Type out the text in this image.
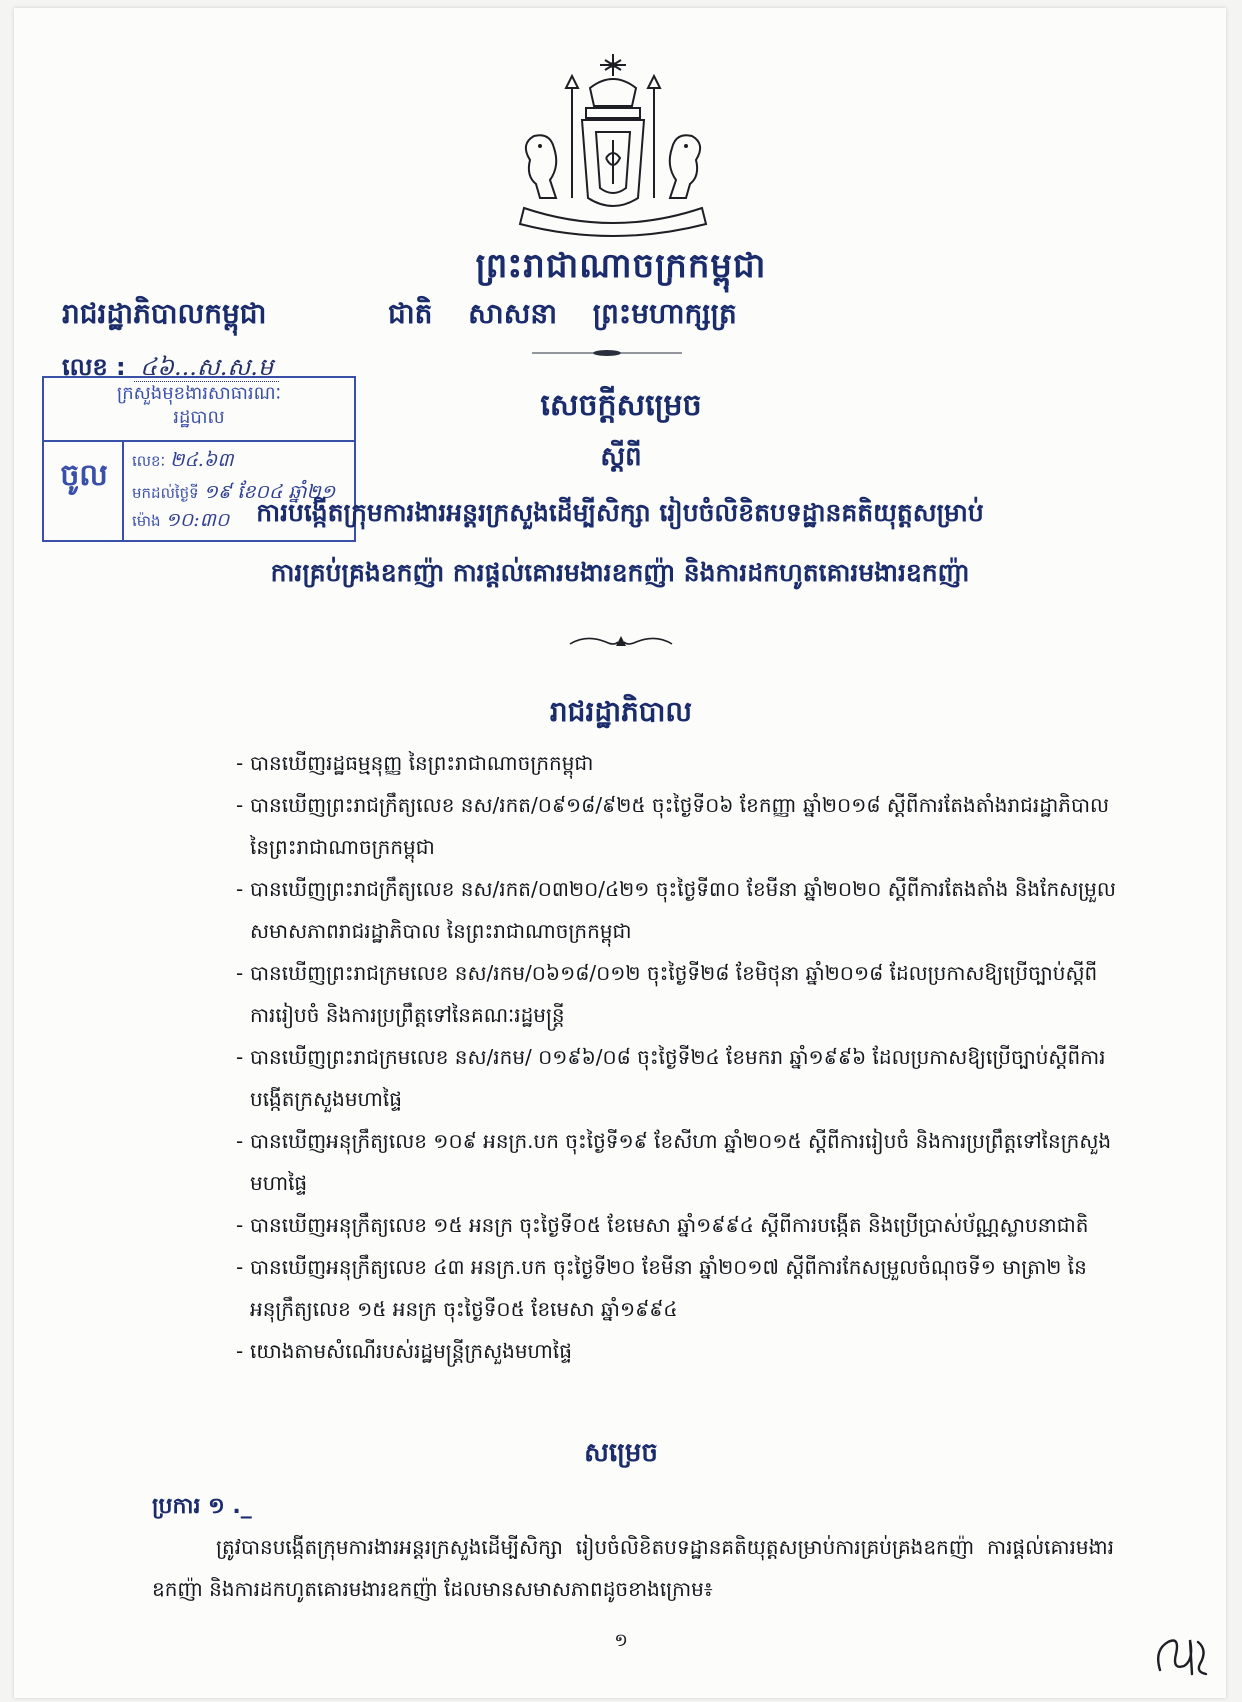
ព្រះរាជាណាចក្រកម្ពុជា
រាជរដ្ឋាភិបាលកម្ពុជា	ជាតិ សាសនា ព្រះមហាក្សត្រ
លេខ : ៤៦...ស.ស.ម
ក្រសួងមុខងារសាធារណៈ
រដ្ឋបាល
ចូល	លេខៈ ២៤.៦៣
មកដល់ថ្ងៃទី ១៩ ខែ០៤ ឆ្នាំ២១
ម៉ោង ១០:៣០
សេចក្តីសម្រេច
ស្តីពី
ការបង្កើតក្រុមការងារអន្តរក្រសួងដើម្បីសិក្សា រៀបចំលិខិតបទដ្ឋានគតិយុត្តសម្រាប់
ការគ្រប់គ្រងឧកញ៉ា ការផ្តល់គោរមងារឧកញ៉ា និងការដកហូតគោរមងារឧកញ៉ា
រាជរដ្ឋាភិបាល
- បានឃើញរដ្ឋធម្មនុញ្ញ នៃព្រះរាជាណាចក្រកម្ពុជា
- បានឃើញព្រះរាជក្រឹត្យលេខ នស/រកត/០៩១៨/៩២៥ ចុះថ្ងៃទី០៦ ខែកញ្ញា ឆ្នាំ២០១៨ ស្តីពីការតែងតាំងរាជរដ្ឋាភិបាល នៃព្រះរាជាណាចក្រកម្ពុជា
- បានឃើញព្រះរាជក្រឹត្យលេខ នស/រកត/០៣២០/៤២១ ចុះថ្ងៃទី៣០ ខែមីនា ឆ្នាំ២០២០ ស្តីពីការតែងតាំង និងកែសម្រួលសមាសភាពរាជរដ្ឋាភិបាល នៃព្រះរាជាណាចក្រកម្ពុជា
- បានឃើញព្រះរាជក្រមលេខ នស/រកម/០៦១៨/០១២ ចុះថ្ងៃទី២៨ ខែមិថុនា ឆ្នាំ២០១៨ ដែលប្រកាសឱ្យប្រើច្បាប់ស្តីពីការរៀបចំ និងការប្រព្រឹត្តទៅនៃគណៈរដ្ឋមន្ត្រី
- បានឃើញព្រះរាជក្រមលេខ នស/រកម/ ០១៩៦/០៨ ចុះថ្ងៃទី២៤ ខែមករា ឆ្នាំ១៩៩៦ ដែលប្រកាសឱ្យប្រើច្បាប់ស្តីពីការបង្កើតក្រសួងមហាផ្ទៃ
- បានឃើញអនុក្រឹត្យលេខ ១០៩ អនក្រ.បក ចុះថ្ងៃទី១៩ ខែសីហា ឆ្នាំ២០១៥ ស្តីពីការរៀបចំ និងការប្រព្រឹត្តទៅនៃក្រសួងមហាផ្ទៃ
- បានឃើញអនុក្រឹត្យលេខ ១៥ អនក្រ ចុះថ្ងៃទី០៥ ខែមេសា ឆ្នាំ១៩៩៤ ស្តីពីការបង្កើត និងប្រើប្រាស់ប័ណ្ណស្លាបនាជាតិ
- បានឃើញអនុក្រឹត្យលេខ ៤៣ អនក្រ.បក ចុះថ្ងៃទី២០ ខែមីនា ឆ្នាំ២០១៧ ស្តីពីការកែសម្រួលចំណុចទី១ មាត្រា២ នៃអនុក្រឹត្យលេខ ១៥ អនក្រ ចុះថ្ងៃទី០៥ ខែមេសា ឆ្នាំ១៩៩៤
- យោងតាមសំណើរបស់រដ្ឋមន្ត្រីក្រសួងមហាផ្ទៃ
សម្រេច
ប្រការ ១ ._
ត្រូវបានបង្កើតក្រុមការងារអន្តរក្រសួងដើម្បីសិក្សា រៀបចំលិខិតបទដ្ឋានគតិយុត្តសម្រាប់ការគ្រប់គ្រងឧកញ៉ា ការផ្តល់គោរមងារឧកញ៉ា និងការដកហូតគោរមងារឧកញ៉ា ដែលមានសមាសភាពដូចខាងក្រោម៖
១
